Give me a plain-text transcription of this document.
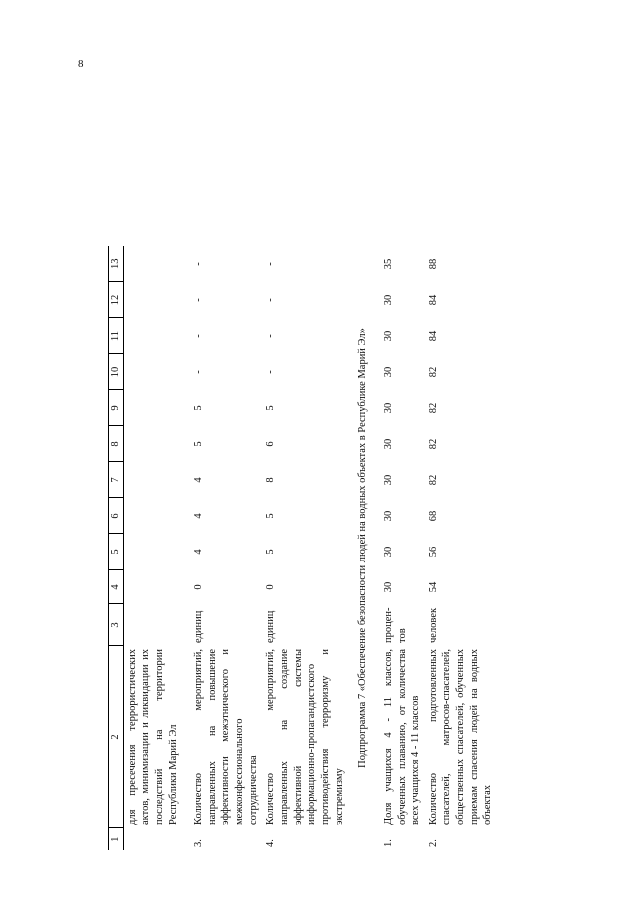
8
1	2	3	4	5	6	7	8	9	10	11	12	13
	для пресечения террористических актов, минимизации и ликвидации их последствий на территории Республики Марий Эл											
3.	Количество мероприятий, направленных на повышение эффективности межэтнического и межконфессионального сотрудничества	единиц	0	4	4	4	5	5	-	-	-	-
4.	Количество мероприятий, направленных на создание эффективной системы информационно-пропагандистского противодействия терроризму и экстремизму	единиц	0	5	5	8	6	5	-	-	-	-
Подпрограмма 7 «Обеспечение безопасности людей на водных объектах в Республике Марий Эл»												
1.	Доля учащихся 4 - 11 классов, обученных плаванию, от количества всех учащихся 4 - 11 классов	процен-тов	30	30	30	30	30	30	30	30	30	35
2.	Количество подготовленных спасателей, матросов-спасателей, общественных спасателей, обученных приемам спасения людей на водных объектах	человек	54	56	68	82	82	82	82	84	84	88
